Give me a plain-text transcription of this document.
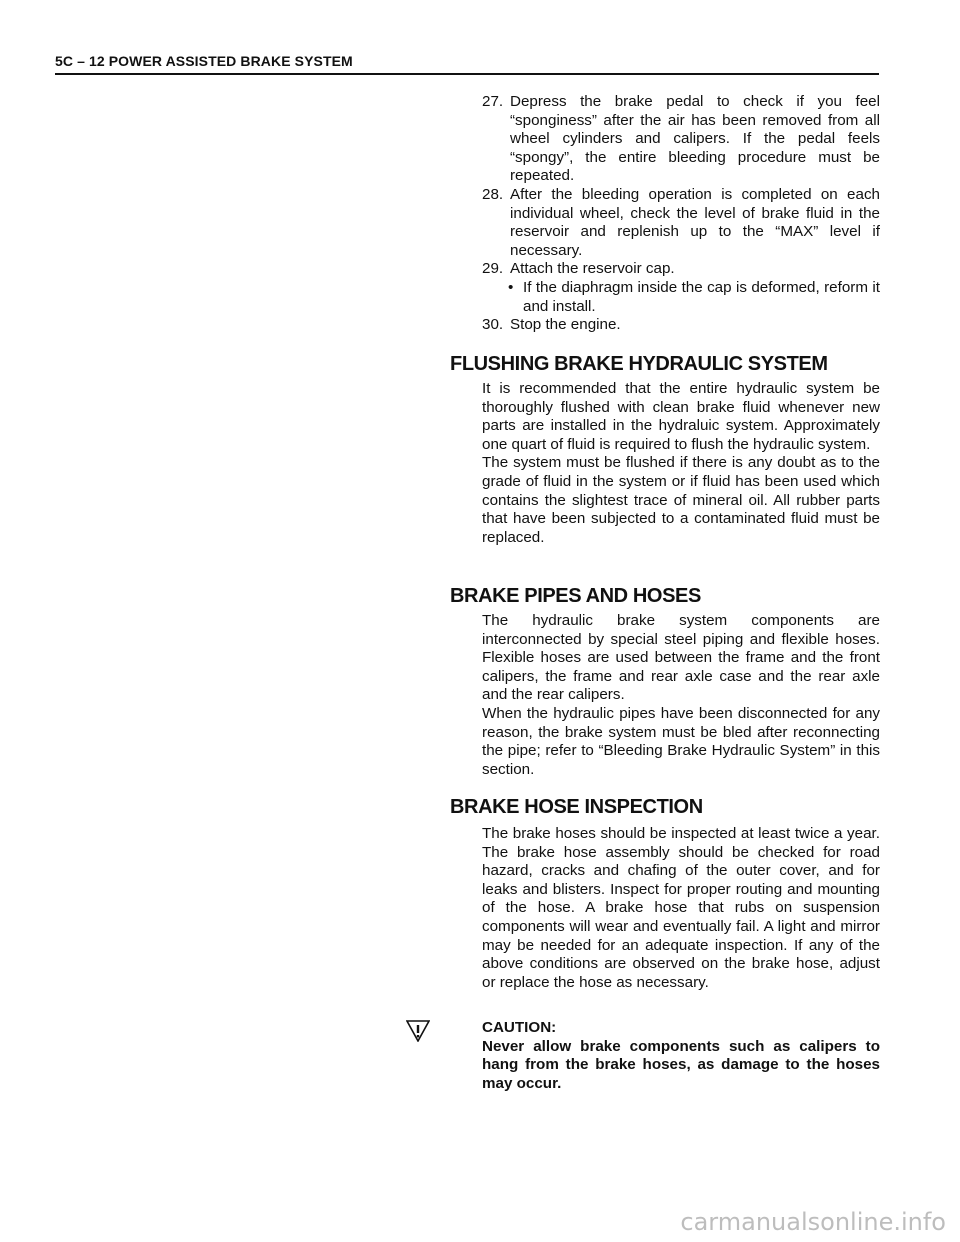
5C – 12 POWER ASSISTED BRAKE SYSTEM
27. Depress the brake pedal to check if you feel “sponginess” after the air has been removed from all wheel cylinders and calipers. If the pedal feels “spongy”, the entire bleeding procedure must be repeated.
28. After the bleeding operation is completed on each individual wheel, check the level of brake fluid in the reservoir and replenish up to the “MAX” level if necessary.
29. Attach the reservoir cap.
• If the diaphragm inside the cap is deformed, reform it and install.
30. Stop the engine.
FLUSHING BRAKE HYDRAULIC SYSTEM
It is recommended that the entire hydraulic system be thoroughly flushed with clean brake fluid whenever new parts are installed in the hydraluic system. Approximately one quart of fluid is required to flush the hydraulic system.
The system must be flushed if there is any doubt as to the grade of fluid in the system or if fluid has been used which contains the slightest trace of mineral oil. All rubber parts that have been subjected to a contaminated fluid must be replaced.
BRAKE PIPES AND HOSES
The hydraulic brake system components are interconnected by special steel piping and flexible hoses. Flexible hoses are used between the frame and the front calipers, the frame and rear axle case and the rear axle and the rear calipers.
When the hydraulic pipes have been disconnected for any reason, the brake system must be bled after reconnecting the pipe; refer to “Bleeding Brake Hydraulic System” in this section.
BRAKE HOSE INSPECTION
The brake hoses should be inspected at least twice a year. The brake hose assembly should be checked for road hazard, cracks and chafing of the outer cover, and for leaks and blisters. Inspect for proper routing and mounting of the hose. A brake hose that rubs on suspension components will wear and eventually fail. A light and mirror may be needed for an adequate inspection. If any of the above conditions are observed on the brake hose, adjust or replace the hose as necessary.
CAUTION:
Never allow brake components such as calipers to hang from the brake hoses, as damage to the hoses may occur.
carmanualsonline.info
